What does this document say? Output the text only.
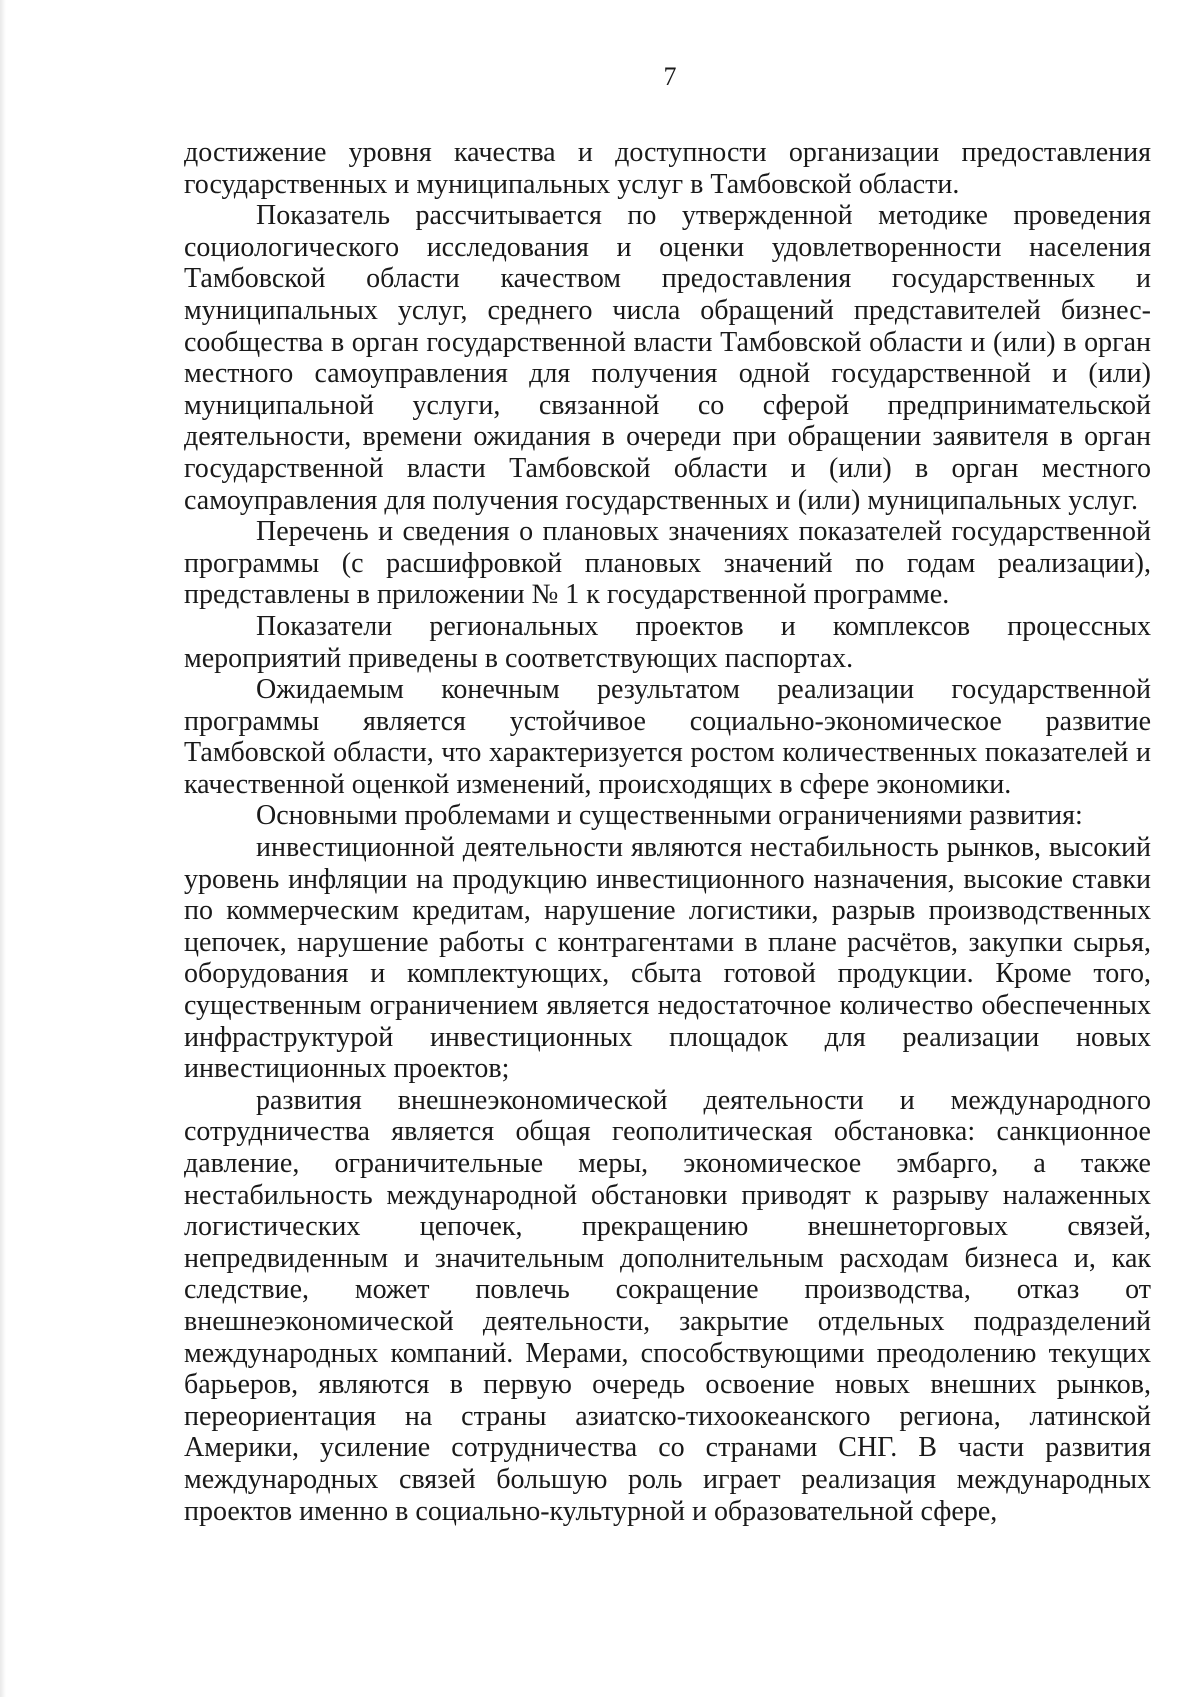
7

достижение уровня качества и доступности организации предоставления государственных и муниципальных услуг в Тамбовской области.

Показатель рассчитывается по утвержденной методике проведения социологического исследования и оценки удовлетворенности населения Тамбовской области качеством предоставления государственных и муниципальных услуг, среднего числа обращений представителей бизнес-сообщества в орган государственной власти Тамбовской области и (или) в орган местного самоуправления для получения одной государственной и (или) муниципальной услуги, связанной со сферой предпринимательской деятельности, времени ожидания в очереди при обращении заявителя в орган государственной власти Тамбовской области и (или) в орган местного самоуправления для получения государственных и (или) муниципальных услуг.

Перечень и сведения о плановых значениях показателей государственной программы (с расшифровкой плановых значений по годам реализации), представлены в приложении № 1 к государственной программе.

Показатели региональных проектов и комплексов процессных мероприятий приведены в соответствующих паспортах.

Ожидаемым конечным результатом реализации государственной программы является устойчивое социально-экономическое развитие Тамбовской области, что характеризуется ростом количественных показателей и качественной оценкой изменений, происходящих в сфере экономики.

Основными проблемами и существенными ограничениями развития:

инвестиционной деятельности являются нестабильность рынков, высокий уровень инфляции на продукцию инвестиционного назначения, высокие ставки по коммерческим кредитам, нарушение логистики, разрыв производственных цепочек, нарушение работы с контрагентами в плане расчётов, закупки сырья, оборудования и комплектующих, сбыта готовой продукции. Кроме того, существенным ограничением является недостаточное количество обеспеченных инфраструктурой инвестиционных площадок для реализации новых инвестиционных проектов;

развития внешнеэкономической деятельности и международного сотрудничества является общая геополитическая обстановка: санкционное давление, ограничительные меры, экономическое эмбарго, а также нестабильность международной обстановки приводят к разрыву налаженных логистических цепочек, прекращению внешнеторговых связей, непредвиденным и значительным дополнительным расходам бизнеса и, как следствие, может повлечь сокращение производства, отказ от внешнеэкономической деятельности, закрытие отдельных подразделений международных компаний. Мерами, способствующими преодолению текущих барьеров, являются в первую очередь освоение новых внешних рынков, переориентация на страны азиатско-тихоокеанского региона, латинской Америки, усиление сотрудничества со странами СНГ. В части развития международных связей большую роль играет реализация международных проектов именно в социально-культурной и образовательной сфере,
